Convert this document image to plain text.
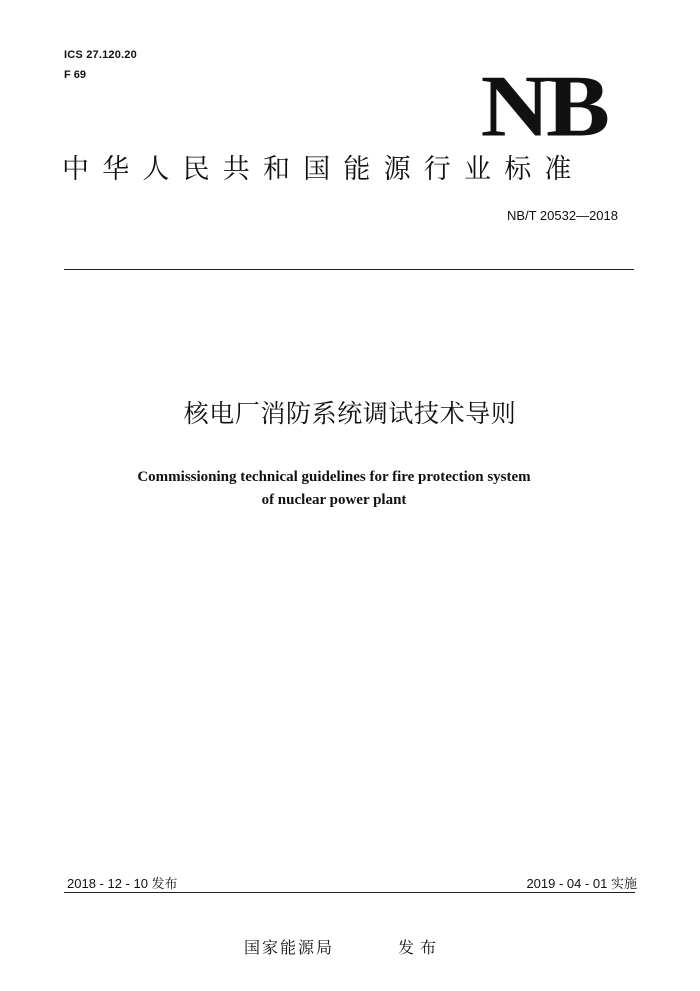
ICS 27.120.20
F 69	NB
中华人民共和国能源行业标准
NB/T 20532—2018
核电厂消防系统调试技术导则
Commissioning technical guidelines for fire protection system
of nuclear power plant
2018 - 12 - 10 发布	2019 - 04 - 01 实施
国家能源局	发布
